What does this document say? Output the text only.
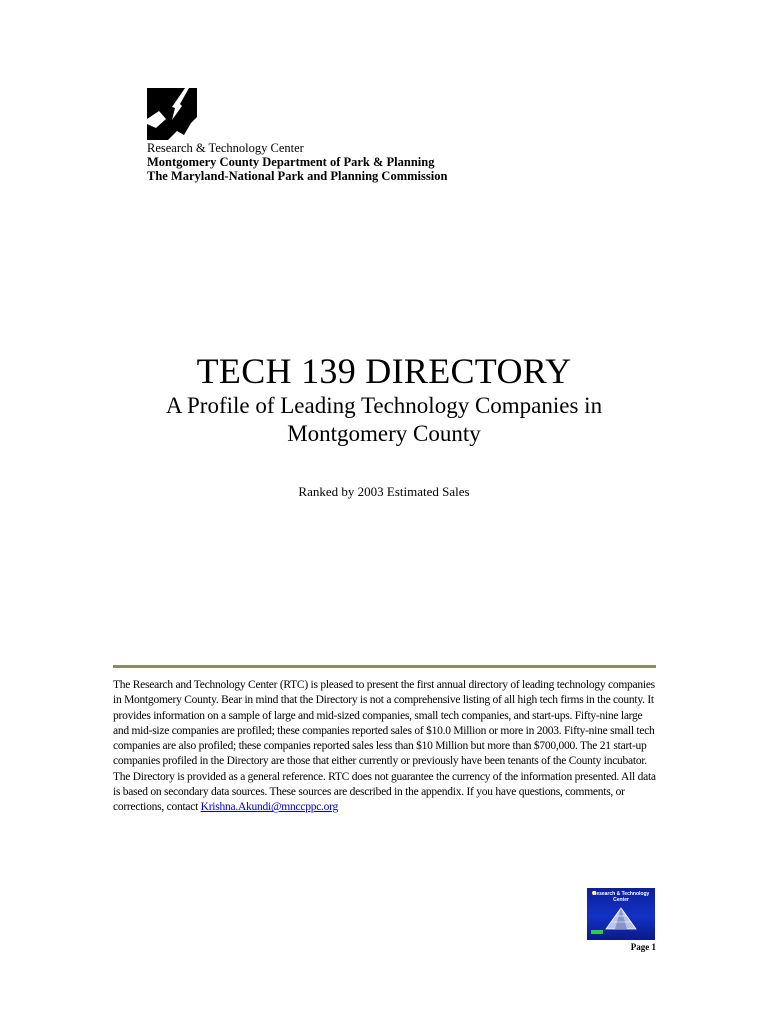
Research & Technology Center
Montgomery County Department of Park & Planning
The Maryland-National Park and Planning Commission
TECH 139 DIRECTORY
A Profile of Leading Technology Companies in Montgomery County
Ranked by 2003 Estimated Sales
The Research and Technology Center (RTC) is pleased to present the first annual directory of leading technology companies in Montgomery County. Bear in mind that the Directory is not a comprehensive listing of all high tech firms in the county. It provides information on a sample of large and mid-sized companies, small tech companies, and start-ups. Fifty-nine large and mid-size companies are profiled; these companies reported sales of $10.0 Million or more in 2003. Fifty-nine small tech companies are also profiled; these companies reported sales less than $10 Million but more than $700,000. The 21 start-up companies profiled in the Directory are those that either currently or previously have been tenants of the County incubator. The Directory is provided as a general reference. RTC does not guarantee the currency of the information presented. All data is based on secondary data sources. These sources are described in the appendix. If you have questions, comments, or corrections, contact Krishna.Akundi@mnccppc.org
Research & Technology Center
Page 1
